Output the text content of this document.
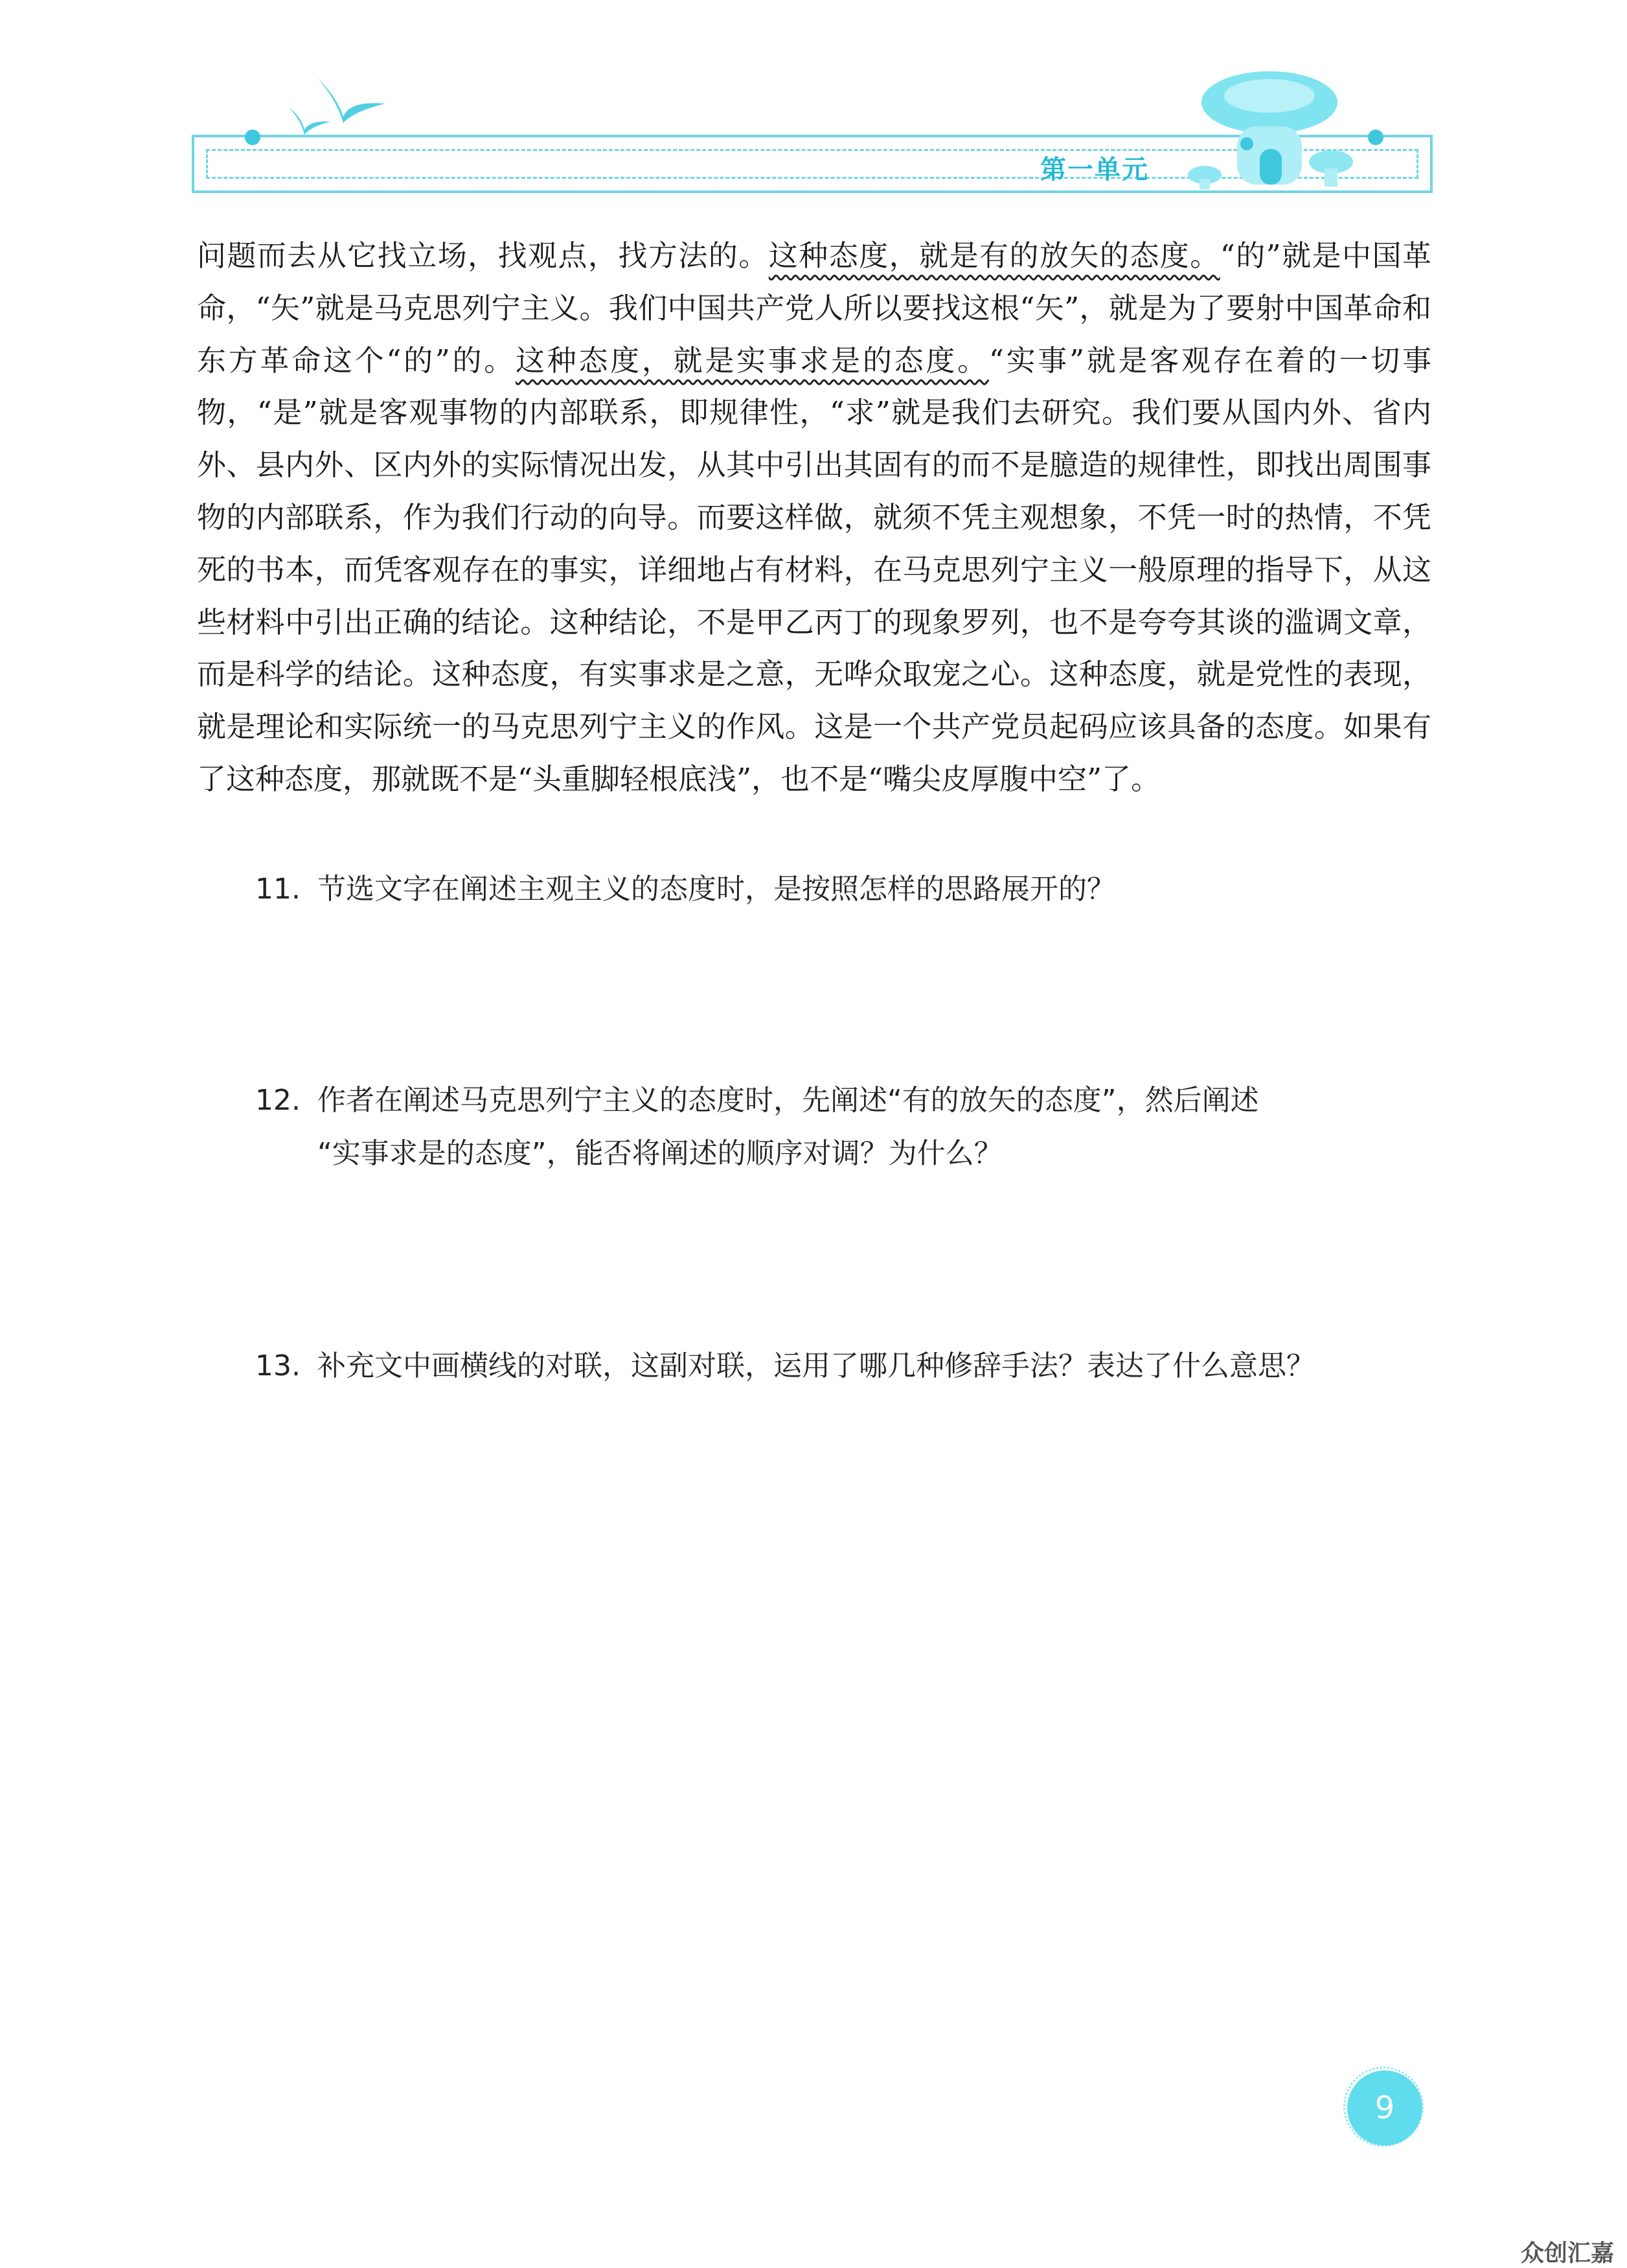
第一单元

问题而去从它找立场，找观点，找方法的。这种态度，就是有的放矢的态度。“的”就是中国革命，“矢”就是马克思列宁主义。我们中国共产党人所以要找这根“矢”，就是为了要射中国革命和东方革命这个“的”的。这种态度，就是实事求是的态度。“实事”就是客观存在着的一切事物，“是”就是客观事物的内部联系，即规律性，“求”就是我们去研究。我们要从国内外、省内外、县内外、区内外的实际情况出发，从其中引出其固有的而不是臆造的规律性，即找出周围事物的内部联系，作为我们行动的向导。而要这样做，就须不凭主观想象，不凭一时的热情，不凭死的书本，而凭客观存在的事实，详细地占有材料，在马克思列宁主义一般原理的指导下，从这些材料中引出正确的结论。这种结论，不是甲乙丙丁的现象罗列，也不是夸夸其谈的滥调文章，而是科学的结论。这种态度，有实事求是之意，无哗众取宠之心。这种态度，就是党性的表现，就是理论和实际统一的马克思列宁主义的作风。这是一个共产党员起码应该具备的态度。如果有了这种态度，那就既不是“头重脚轻根底浅”，也不是“嘴尖皮厚腹中空”了。

11. 节选文字在阐述主观主义的态度时，是按照怎样的思路展开的？
12. 作者在阐述马克思列宁主义的态度时，先阐述“有的放矢的态度”，然后阐述
“实事求是的态度”，能否将阐述的顺序对调？为什么？
13. 补充文中画横线的对联，这副对联，运用了哪几种修辞手法？表达了什么意思？
9
众创汇嘉
